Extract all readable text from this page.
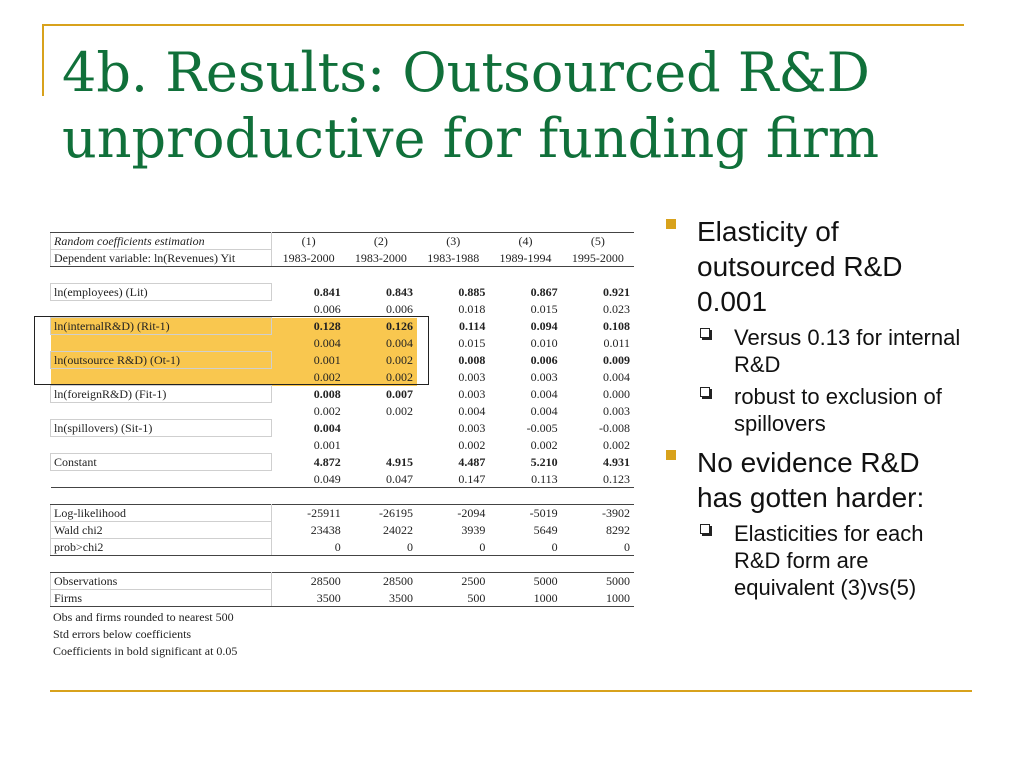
4b. Results: Outsourced R&D unproductive for funding firm
Random coefficients estimation	(1)	(2)	(3)	(4)	(5)
Dependent variable: ln(Revenues) Yit	1983-2000	1983-2000	1983-1988	1989-1994	1995-2000

ln(employees) (Lit)	0.841	0.843	0.885	0.867	0.921
	0.006	0.006	0.018	0.015	0.023
ln(internalR&D) (Rit-1)	0.128	0.126	0.114	0.094	0.108
	0.004	0.004	0.015	0.010	0.011
ln(outsource R&D) (Ot-1)	0.001	0.002	0.008	0.006	0.009
	0.002	0.002	0.003	0.003	0.004
ln(foreignR&D) (Fit-1)	0.008	0.007	0.003	0.004	0.000
	0.002	0.002	0.004	0.004	0.003
ln(spillovers) (Sit-1)	0.004		0.003	-0.005	-0.008
	0.001		0.002	0.002	0.002
Constant	4.872	4.915	4.487	5.210	4.931
	0.049	0.047	0.147	0.113	0.123

Log-likelihood	-25911	-26195	-2094	-5019	-3902
Wald chi2	23438	24022	3939	5649	8292
prob>chi2	0	0	0	0	0

Observations	28500	28500	2500	5000	5000
Firms	3500	3500	500	1000	1000
Obs and firms rounded to nearest 500
Std errors below coefficients
Coefficients in bold significant at 0.05
Elasticity of outsourced R&D 0.001
Versus 0.13 for internal R&D
robust to exclusion of spillovers
No evidence R&D has gotten harder:
Elasticities for each R&D form are equivalent (3)vs(5)
